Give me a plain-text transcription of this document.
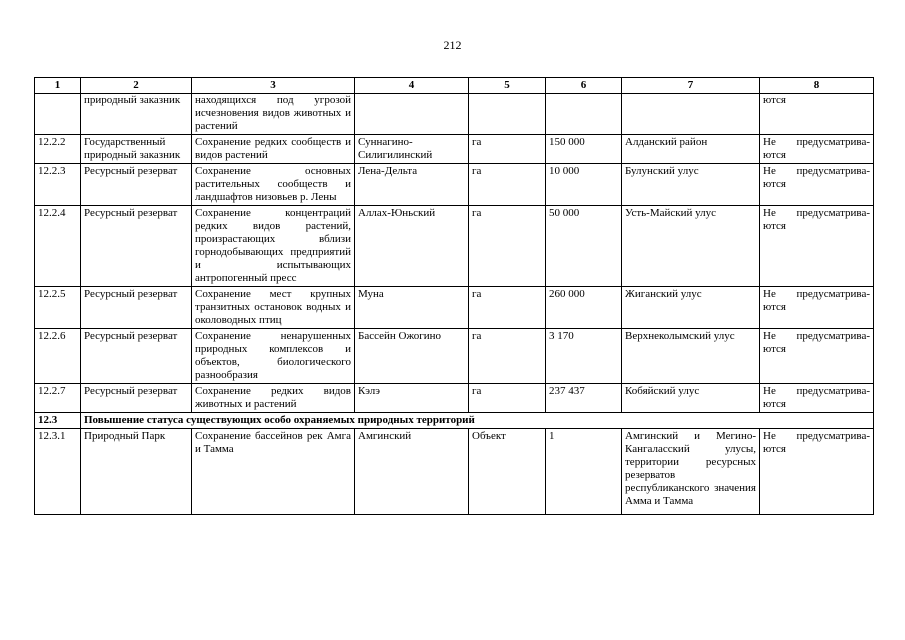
212
1	2	3	4	5	6	7	8
	природный заказник	находящихся под угрозой исчезновения видов животных и растений					ются
12.2.2	Государственный природный заказник	Сохранение редких сообществ и видов растений	Суннагино-Силигилинский	га	150 000	Алданский район	Не предусматрива-ются
12.2.3	Ресурсный резерват	Сохранение основных растительных сообществ и ландшафтов низовьев р. Лены	Лена-Дельта	га	10 000	Булунский улус	Не предусматрива-ются
12.2.4	Ресурсный резерват	Сохранение концентраций редких видов растений, произрастающих вблизи горнодобывающих предприятий и испытывающих антропогенный пресс	Аллах-Юньский	га	50 000	Усть-Майский улус	Не предусматрива-ются
12.2.5	Ресурсный резерват	Сохранение мест крупных транзитных остановок водных и околоводных птиц	Муна	га	260 000	Жиганский улус	Не предусматрива-ются
12.2.6	Ресурсный резерват	Сохранение ненарушенных природных комплексов и объектов, биологического разнообразия	Бассейн Ожогино	га	3 170	Верхнеколымский улус	Не предусматрива-ются
12.2.7	Ресурсный резерват	Сохранение редких видов животных и растений	Кэлэ	га	237 437	Кобяйский улус	Не предусматрива-ются
12.3	Повышение статуса существующих особо охраняемых природных территорий						
12.3.1	Природный Парк	Сохранение бассейнов рек Амга и Тамма	Амгинский	Объект	1	Амгинский и Мегино-Кангаласский улусы, территории ресурсных резерватов республиканского значения Амма и Тамма	Не предусматрива-ются
